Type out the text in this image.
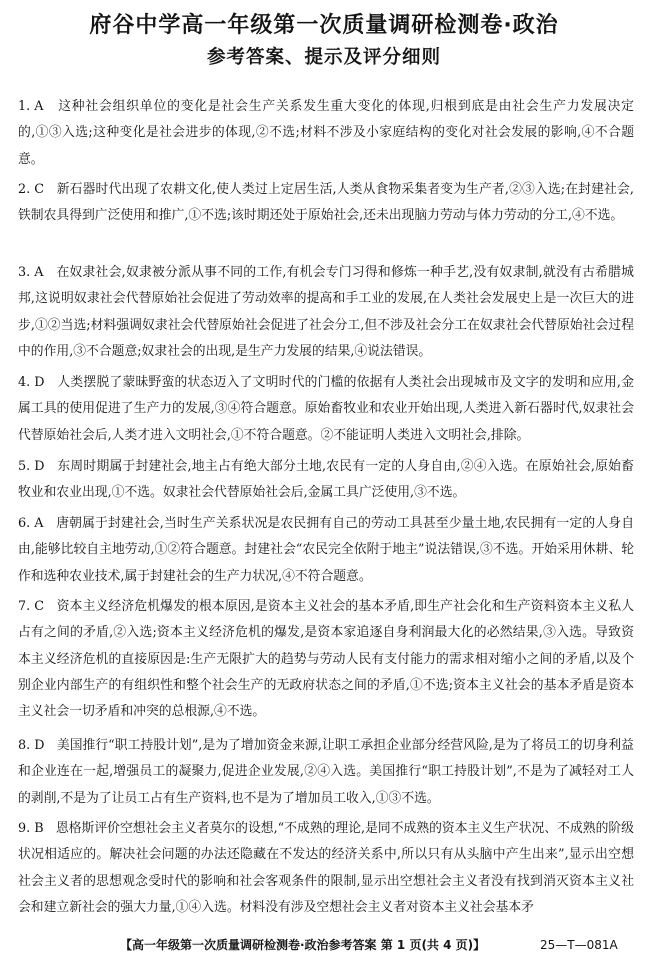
府谷中学高一年级第一次质量调研检测卷·政治
参考答案、提示及评分细则
1. A 这种社会组织单位的变化是社会生产关系发生重大变化的体现,归根到底是由社会生产力发展决定的,①③入选;这种变化是社会进步的体现,②不选;材料不涉及小家庭结构的变化对社会发展的影响,④不合题意。
2. C 新石器时代出现了农耕文化,使人类过上定居生活,人类从食物采集者变为生产者,②③入选;在封建社会,铁制农具得到广泛使用和推广,①不选;该时期还处于原始社会,还未出现脑力劳动与体力劳动的分工,④不选。
3. A 在奴隶社会,奴隶被分派从事不同的工作,有机会专门习得和修炼一种手艺,没有奴隶制,就没有古希腊城邦,这说明奴隶社会代替原始社会促进了劳动效率的提高和手工业的发展,在人类社会发展史上是一次巨大的进步,①②当选;材料强调奴隶社会代替原始社会促进了社会分工,但不涉及社会分工在奴隶社会代替原始社会过程中的作用,③不合题意;奴隶社会的出现,是生产力发展的结果,④说法错误。
4. D 人类摆脱了蒙昧野蛮的状态迈入了文明时代的门槛的依据有人类社会出现城市及文字的发明和应用,金属工具的使用促进了生产力的发展,③④符合题意。原始畜牧业和农业开始出现,人类进入新石器时代,奴隶社会代替原始社会后,人类才进入文明社会,①不符合题意。②不能证明人类进入文明社会,排除。
5. D 东周时期属于封建社会,地主占有绝大部分土地,农民有一定的人身自由,②④入选。在原始社会,原始畜牧业和农业出现,①不选。奴隶社会代替原始社会后,金属工具广泛使用,③不选。
6. A 唐朝属于封建社会,当时生产关系状况是农民拥有自己的劳动工具甚至少量土地,农民拥有一定的人身自由,能够比较自主地劳动,①②符合题意。封建社会“农民完全依附于地主”说法错误,③不选。开始采用休耕、轮作和选种农业技术,属于封建社会的生产力状况,④不符合题意。
7. C 资本主义经济危机爆发的根本原因,是资本主义社会的基本矛盾,即生产社会化和生产资料资本主义私人占有之间的矛盾,②入选;资本主义经济危机的爆发,是资本家追逐自身利润最大化的必然结果,③入选。导致资本主义经济危机的直接原因是:生产无限扩大的趋势与劳动人民有支付能力的需求相对缩小之间的矛盾,以及个别企业内部生产的有组织性和整个社会生产的无政府状态之间的矛盾,①不选;资本主义社会的基本矛盾是资本主义社会一切矛盾和冲突的总根源,④不选。
8. D 美国推行“职工持股计划”,是为了增加资金来源,让职工承担企业部分经营风险,是为了将员工的切身利益和企业连在一起,增强员工的凝聚力,促进企业发展,②④入选。美国推行“职工持股计划”,不是为了减轻对工人的剥削,不是为了让员工占有生产资料,也不是为了增加员工收入,①③不选。
9. B 恩格斯评价空想社会主义者莫尔的设想,“不成熟的理论,是同不成熟的资本主义生产状况、不成熟的阶级状况相适应的。解决社会问题的办法还隐藏在不发达的经济关系中,所以只有从头脑中产生出来”,显示出空想社会主义者的思想观念受时代的影响和社会客观条件的限制,显示出空想社会主义者没有找到消灭资本主义社会和建立新社会的强大力量,①④入选。材料没有涉及空想社会主义者对资本主义社会基本矛
【高一年级第一次质量调研检测卷·政治参考答案 第 1 页(共 4 页)】	25—T—081A
